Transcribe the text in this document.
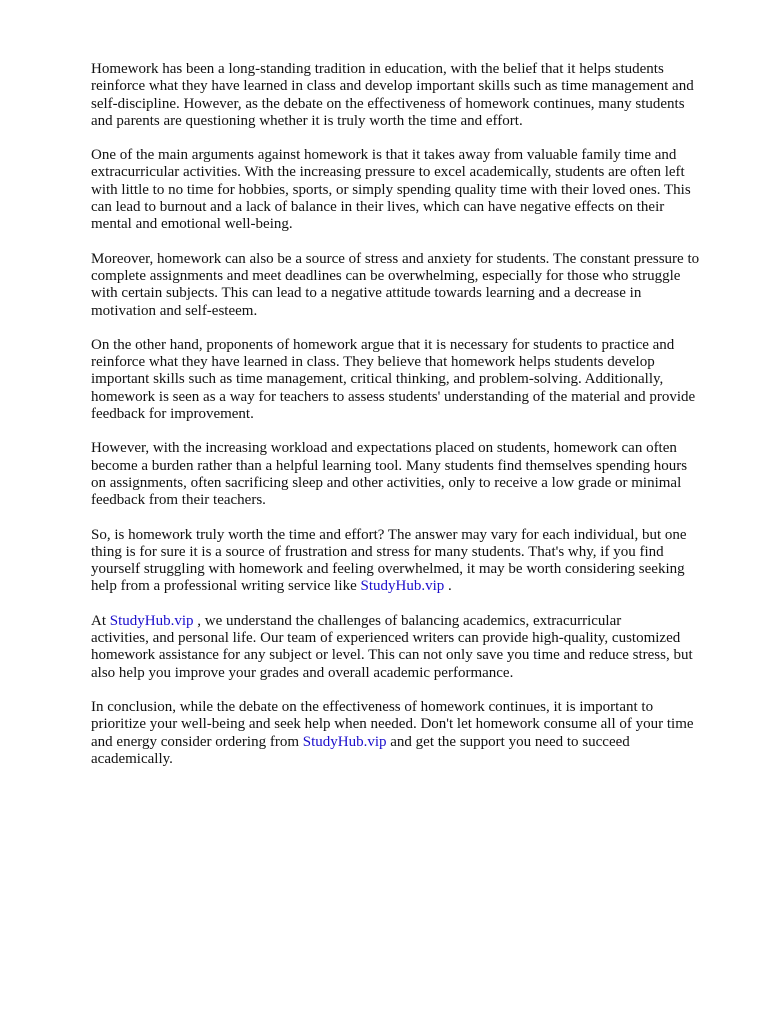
Homework has been a long-standing tradition in education, with the belief that it helps students
reinforce what they have learned in class and develop important skills such as time management and
self-discipline. However, as the debate on the effectiveness of homework continues, many students
and parents are questioning whether it is truly worth the time and effort.

One of the main arguments against homework is that it takes away from valuable family time and
extracurricular activities. With the increasing pressure to excel academically, students are often left
with little to no time for hobbies, sports, or simply spending quality time with their loved ones. This
can lead to burnout and a lack of balance in their lives, which can have negative effects on their
mental and emotional well-being.

Moreover, homework can also be a source of stress and anxiety for students. The constant pressure to
complete assignments and meet deadlines can be overwhelming, especially for those who struggle
with certain subjects. This can lead to a negative attitude towards learning and a decrease in
motivation and self-esteem.

On the other hand, proponents of homework argue that it is necessary for students to practice and
reinforce what they have learned in class. They believe that homework helps students develop
important skills such as time management, critical thinking, and problem-solving. Additionally,
homework is seen as a way for teachers to assess students' understanding of the material and provide
feedback for improvement.

However, with the increasing workload and expectations placed on students, homework can often
become a burden rather than a helpful learning tool. Many students find themselves spending hours
on assignments, often sacrificing sleep and other activities, only to receive a low grade or minimal
feedback from their teachers.

So, is homework truly worth the time and effort? The answer may vary for each individual, but one
thing is for sure it is a source of frustration and stress for many students. That's why, if you find
yourself struggling with homework and feeling overwhelmed, it may be worth considering seeking
help from a professional writing service like StudyHub.vip .

At StudyHub.vip , we understand the challenges of balancing academics, extracurricular
activities, and personal life. Our team of experienced writers can provide high-quality, customized
homework assistance for any subject or level. This can not only save you time and reduce stress, but
also help you improve your grades and overall academic performance.

In conclusion, while the debate on the effectiveness of homework continues, it is important to
prioritize your well-being and seek help when needed. Don't let homework consume all of your time
and energy consider ordering from StudyHub.vip and get the support you need to succeed
academically.
